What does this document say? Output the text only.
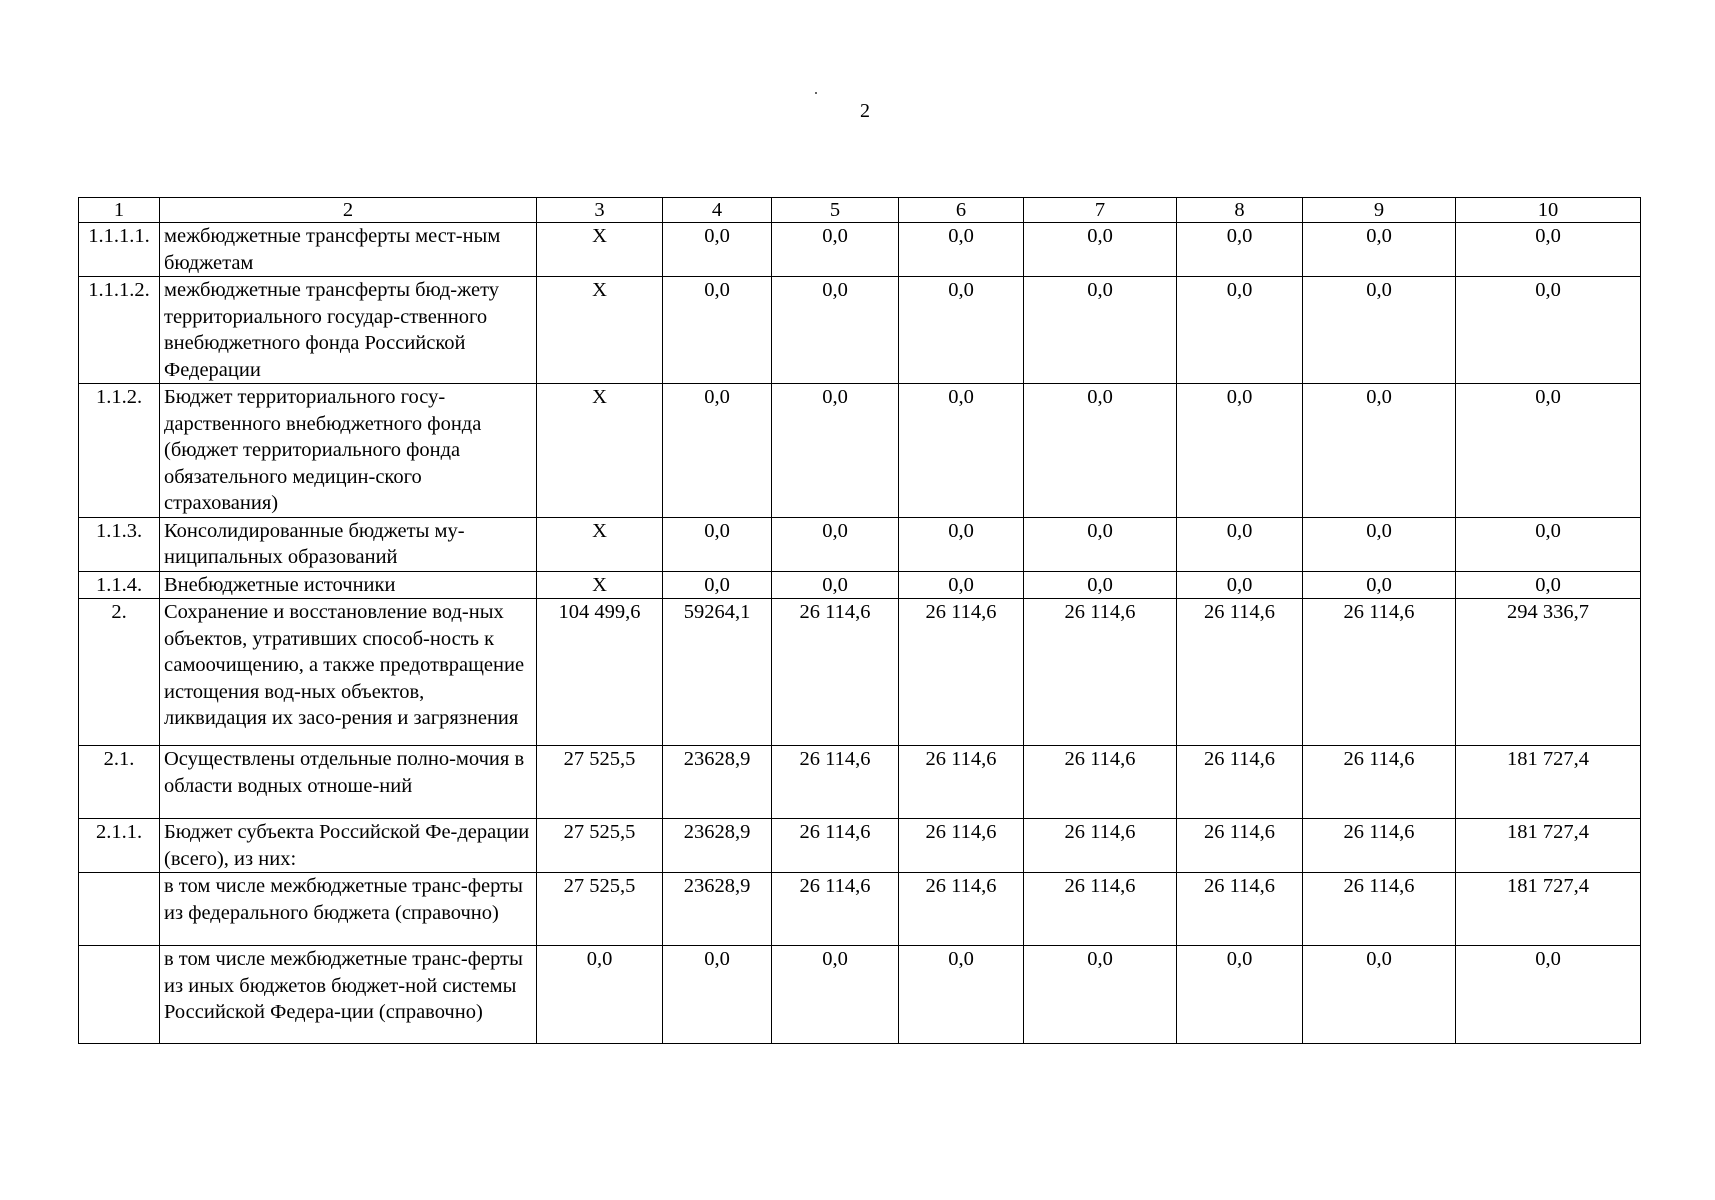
2
1	2	3	4	5	6	7	8	9	10
1.1.1.1.	межбюджетные трансферты мест-ным бюджетам	X	0,0	0,0	0,0	0,0	0,0	0,0	0,0
1.1.1.2.	межбюджетные трансферты бюд-жету территориального государ-ственного внебюджетного фонда Российской Федерации	X	0,0	0,0	0,0	0,0	0,0	0,0	0,0
1.1.2.	Бюджет территориального госу-дарственного внебюджетного фонда (бюджет территориального фонда обязательного медицин-ского страхования)	X	0,0	0,0	0,0	0,0	0,0	0,0	0,0
1.1.3.	Консолидированные бюджеты му-ниципальных образований	X	0,0	0,0	0,0	0,0	0,0	0,0	0,0
1.1.4.	Внебюджетные источники	X	0,0	0,0	0,0	0,0	0,0	0,0	0,0
2.	Сохранение и восстановление вод-ных объектов, утративших способ-ность к самоочищению, а также предотвращение истощения вод-ных объектов, ликвидация их засо-рения и загрязнения	104 499,6	59264,1	26 114,6	26 114,6	26 114,6	26 114,6	26 114,6	294 336,7
2.1.	Осуществлены отдельные полно-мочия в области водных отноше-ний	27 525,5	23628,9	26 114,6	26 114,6	26 114,6	26 114,6	26 114,6	181 727,4
2.1.1.	Бюджет субъекта Российской Фе-дерации (всего), из них:	27 525,5	23628,9	26 114,6	26 114,6	26 114,6	26 114,6	26 114,6	181 727,4
	в том числе межбюджетные транс-ферты из федерального бюджета (справочно)	27 525,5	23628,9	26 114,6	26 114,6	26 114,6	26 114,6	26 114,6	181 727,4
	в том числе межбюджетные транс-ферты из иных бюджетов бюджет-ной системы Российской Федера-ции (справочно)	0,0	0,0	0,0	0,0	0,0	0,0	0,0	0,0
